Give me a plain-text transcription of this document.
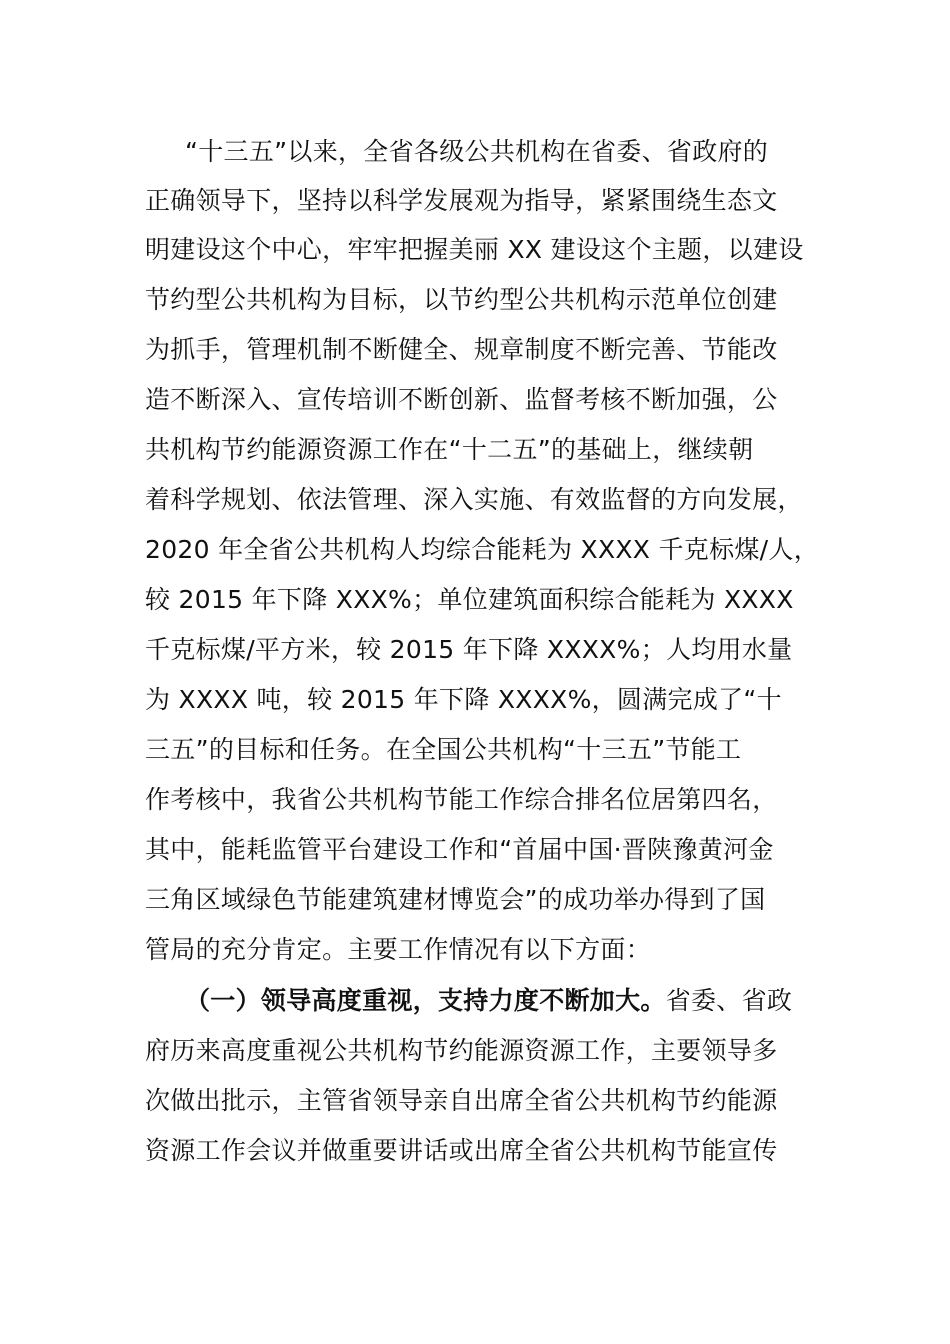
“十三五”以来，全省各级公共机构在省委、省政府的
正确领导下，坚持以科学发展观为指导，紧紧围绕生态文
明建设这个中心，牢牢把握美丽 XX 建设这个主题，以建设
节约型公共机构为目标，以节约型公共机构示范单位创建
为抓手，管理机制不断健全、规章制度不断完善、节能改
造不断深入、宣传培训不断创新、监督考核不断加强，公
共机构节约能源资源工作在“十二五”的基础上，继续朝
着科学规划、依法管理、深入实施、有效监督的方向发展，
2020 年全省公共机构人均综合能耗为 XXXX 千克标煤/人，
较 2015 年下降 XXX%；单位建筑面积综合能耗为 XXXX
千克标煤/平方米，较 2015 年下降 XXXX%；人均用水量
为 XXXX 吨，较 2015 年下降 XXXX%，圆满完成了“十
三五”的目标和任务。在全国公共机构“十三五”节能工
作考核中，我省公共机构节能工作综合排名位居第四名，
其中，能耗监管平台建设工作和“首届中国·晋陕豫黄河金
三角区域绿色节能建筑建材博览会”的成功举办得到了国
管局的充分肯定。主要工作情况有以下方面：
（一）领导高度重视，支持力度不断加大。省委、省政
府历来高度重视公共机构节约能源资源工作，主要领导多
次做出批示，主管省领导亲自出席全省公共机构节约能源
资源工作会议并做重要讲话或出席全省公共机构节能宣传
